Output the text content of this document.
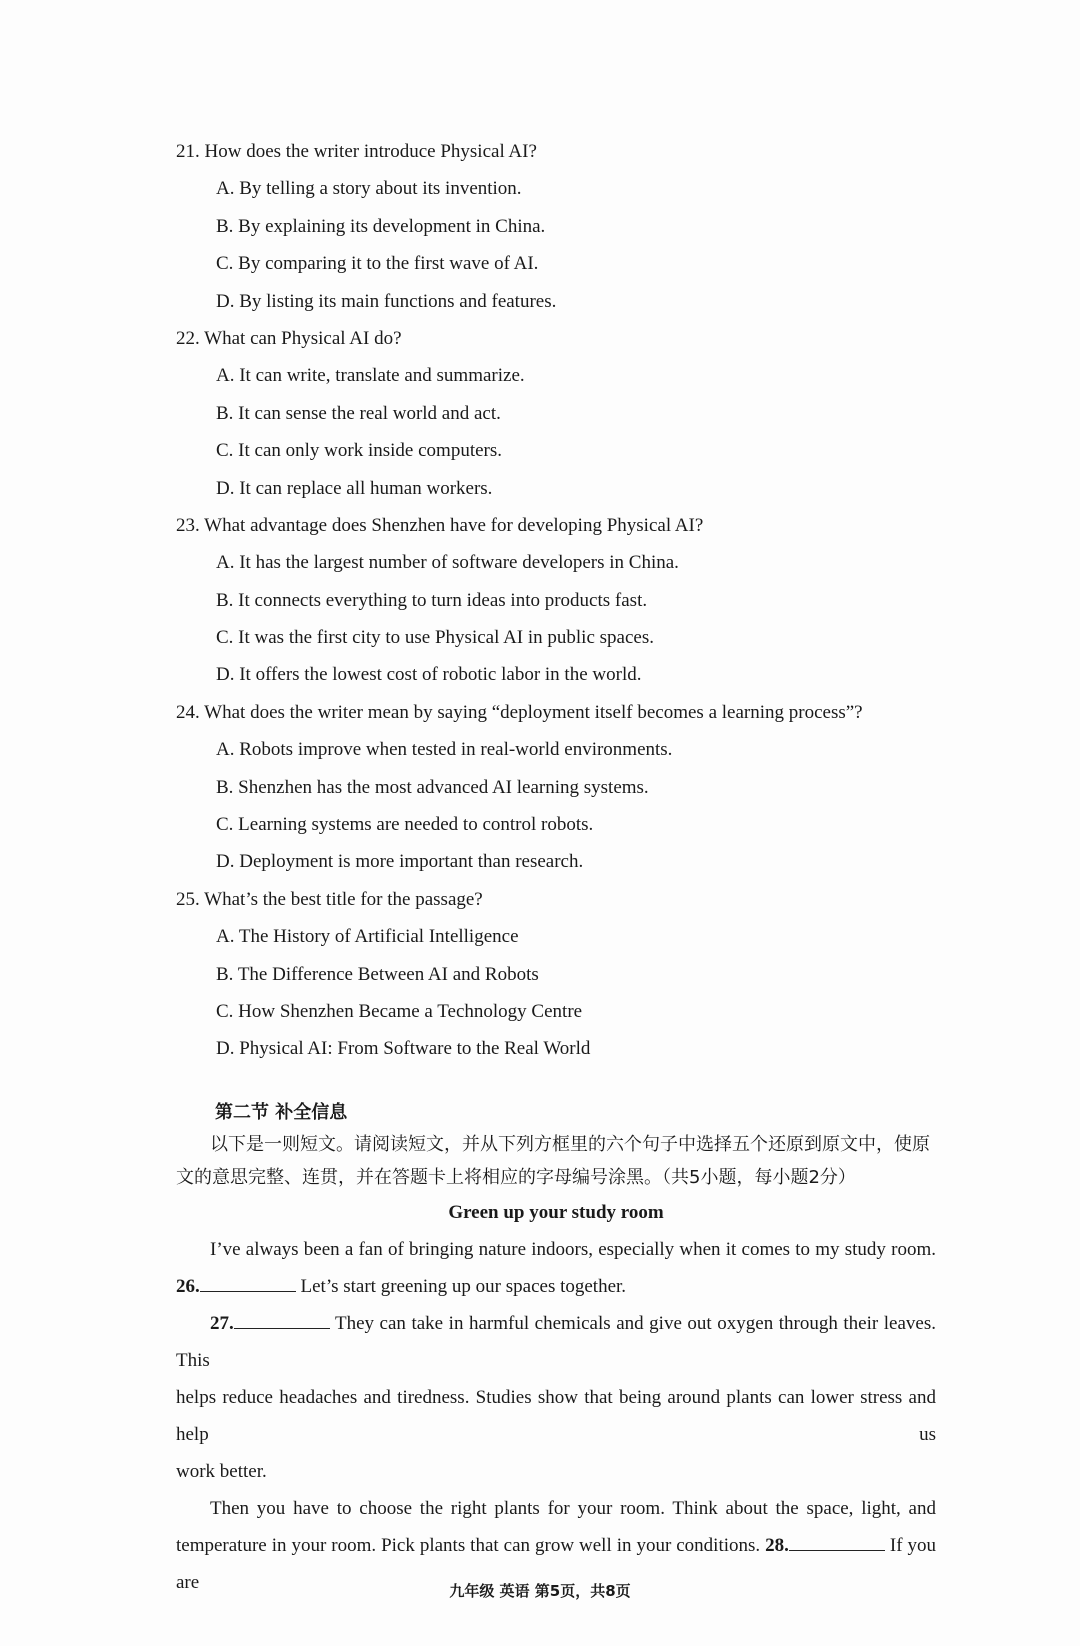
21. How does the writer introduce Physical AI?
A. By telling a story about its invention.
B. By explaining its development in China.
C. By comparing it to the first wave of AI.
D. By listing its main functions and features.
22. What can Physical AI do?
A. It can write, translate and summarize.
B. It can sense the real world and act.
C. It can only work inside computers.
D. It can replace all human workers.
23. What advantage does Shenzhen have for developing Physical AI?
A. It has the largest number of software developers in China.
B. It connects everything to turn ideas into products fast.
C. It was the first city to use Physical AI in public spaces.
D. It offers the lowest cost of robotic labor in the world.
24. What does the writer mean by saying “deployment itself becomes a learning process”?
A. Robots improve when tested in real-world environments.
B. Shenzhen has the most advanced AI learning systems.
C. Learning systems are needed to control robots.
D. Deployment is more important than research.
25. What’s the best title for the passage?
A. The History of Artificial Intelligence
B. The Difference Between AI and Robots
C. How Shenzhen Became a Technology Centre
D. Physical AI: From Software to the Real World
第二节 补全信息
以下是一则短文。请阅读短文，并从下列方框里的六个句子中选择五个还原到原文中，使原
文的意思完整、连贯，并在答题卡上将相应的字母编号涂黑。（共5小题，每小题2分）
Green up your study room
I’ve always been a fan of bringing nature indoors, especially when it comes to my study room.
26.	Let’s start greening up our spaces together.
27.	They can take in harmful chemicals and give out oxygen through their leaves. This
helps reduce headaches and tiredness. Studies show that being around plants can lower stress and help us
work better.
Then you have to choose the right plants for your room. Think about the space, light, and
temperature in your room. Pick plants that can grow well in your conditions. 28.	If you are	九年级 英语 第5页，共8页
